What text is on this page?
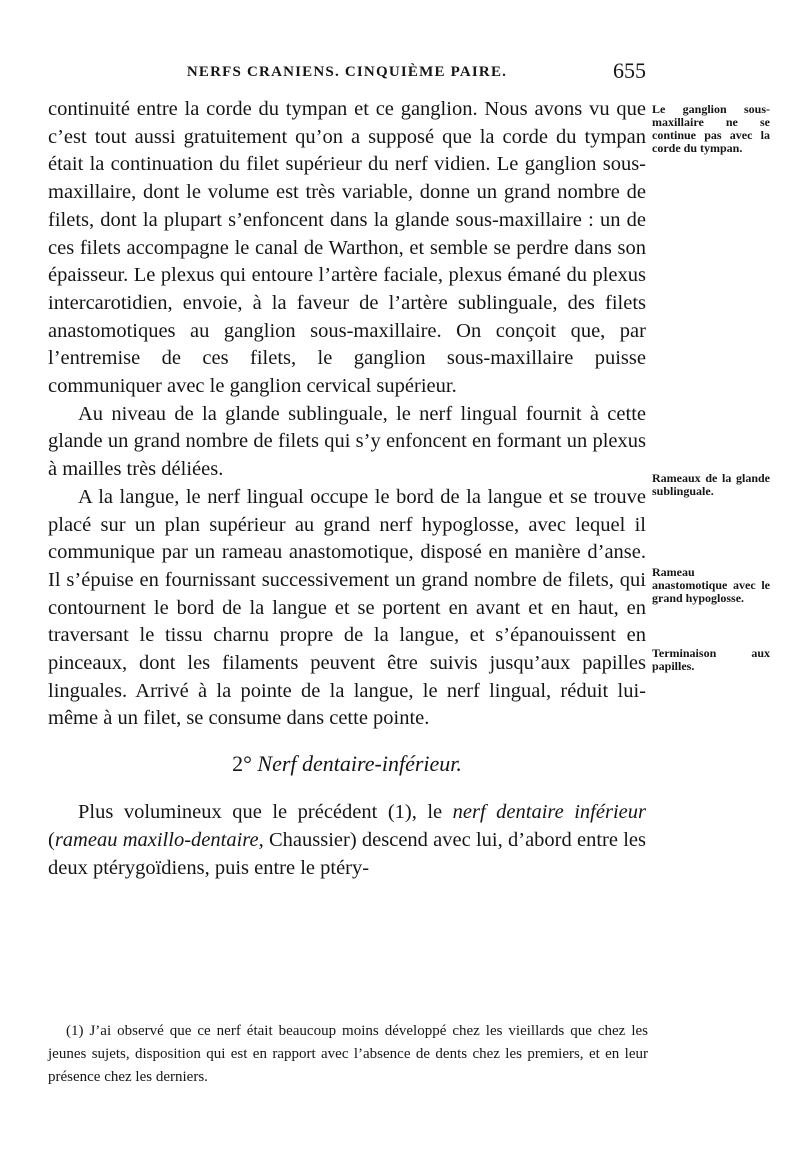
NERFS CRANIENS. CINQUIÈME PAIRE.	655

continuité entre la corde du tympan et ce ganglion. Nous avons vu que c’est tout aussi gratuitement qu’on a supposé que la corde du tympan était la continuation du filet supérieur du nerf vidien. Le ganglion sous-maxillaire, dont le volume est très variable, donne un grand nombre de filets, dont la plupart s’enfoncent dans la glande sous-maxillaire : un de ces filets accompagne le canal de Warthon, et semble se perdre dans son épaisseur. Le plexus qui entoure l’artère faciale, plexus émané du plexus intercarotidien, envoie, à la faveur de l’artère sublinguale, des filets anastomotiques au ganglion sous-maxillaire. On conçoit que, par l’entremise de ces filets, le ganglion sous-maxillaire puisse communiquer avec le ganglion cervical supérieur.

Au niveau de la glande sublinguale, le nerf lingual fournit à cette glande un grand nombre de filets qui s’y enfoncent en formant un plexus à mailles très déliées.

A la langue, le nerf lingual occupe le bord de la langue et se trouve placé sur un plan supérieur au grand nerf hypoglosse, avec lequel il communique par un rameau anastomotique, disposé en manière d’anse. Il s’épuise en fournissant successivement un grand nombre de filets, qui contournent le bord de la langue et se portent en avant et en haut, en traversant le tissu charnu propre de la langue, et s’épanouissent en pinceaux, dont les filaments peuvent être suivis jusqu’aux papilles linguales. Arrivé à la pointe de la langue, le nerf lingual, réduit lui-même à un filet, se consume dans cette pointe.

2° Nerf dentaire-inférieur.

Plus volumineux que le précédent (1), le nerf dentaire inférieur (rameau maxillo-dentaire, Chaussier) descend avec lui, d’abord entre les deux ptérygoïdiens, puis entre le ptéry-

Le ganglion sous-maxillaire ne se continue pas avec la corde du tympan.
Rameaux de la glande sublinguale.
Rameau anastomotique avec le grand hypoglosse.
Terminaison aux papilles.
(1) J’ai observé que ce nerf était beaucoup moins développé chez les vieillards que chez les jeunes sujets, disposition qui est en rapport avec l’absence de dents chez les premiers, et en leur présence chez les derniers.
